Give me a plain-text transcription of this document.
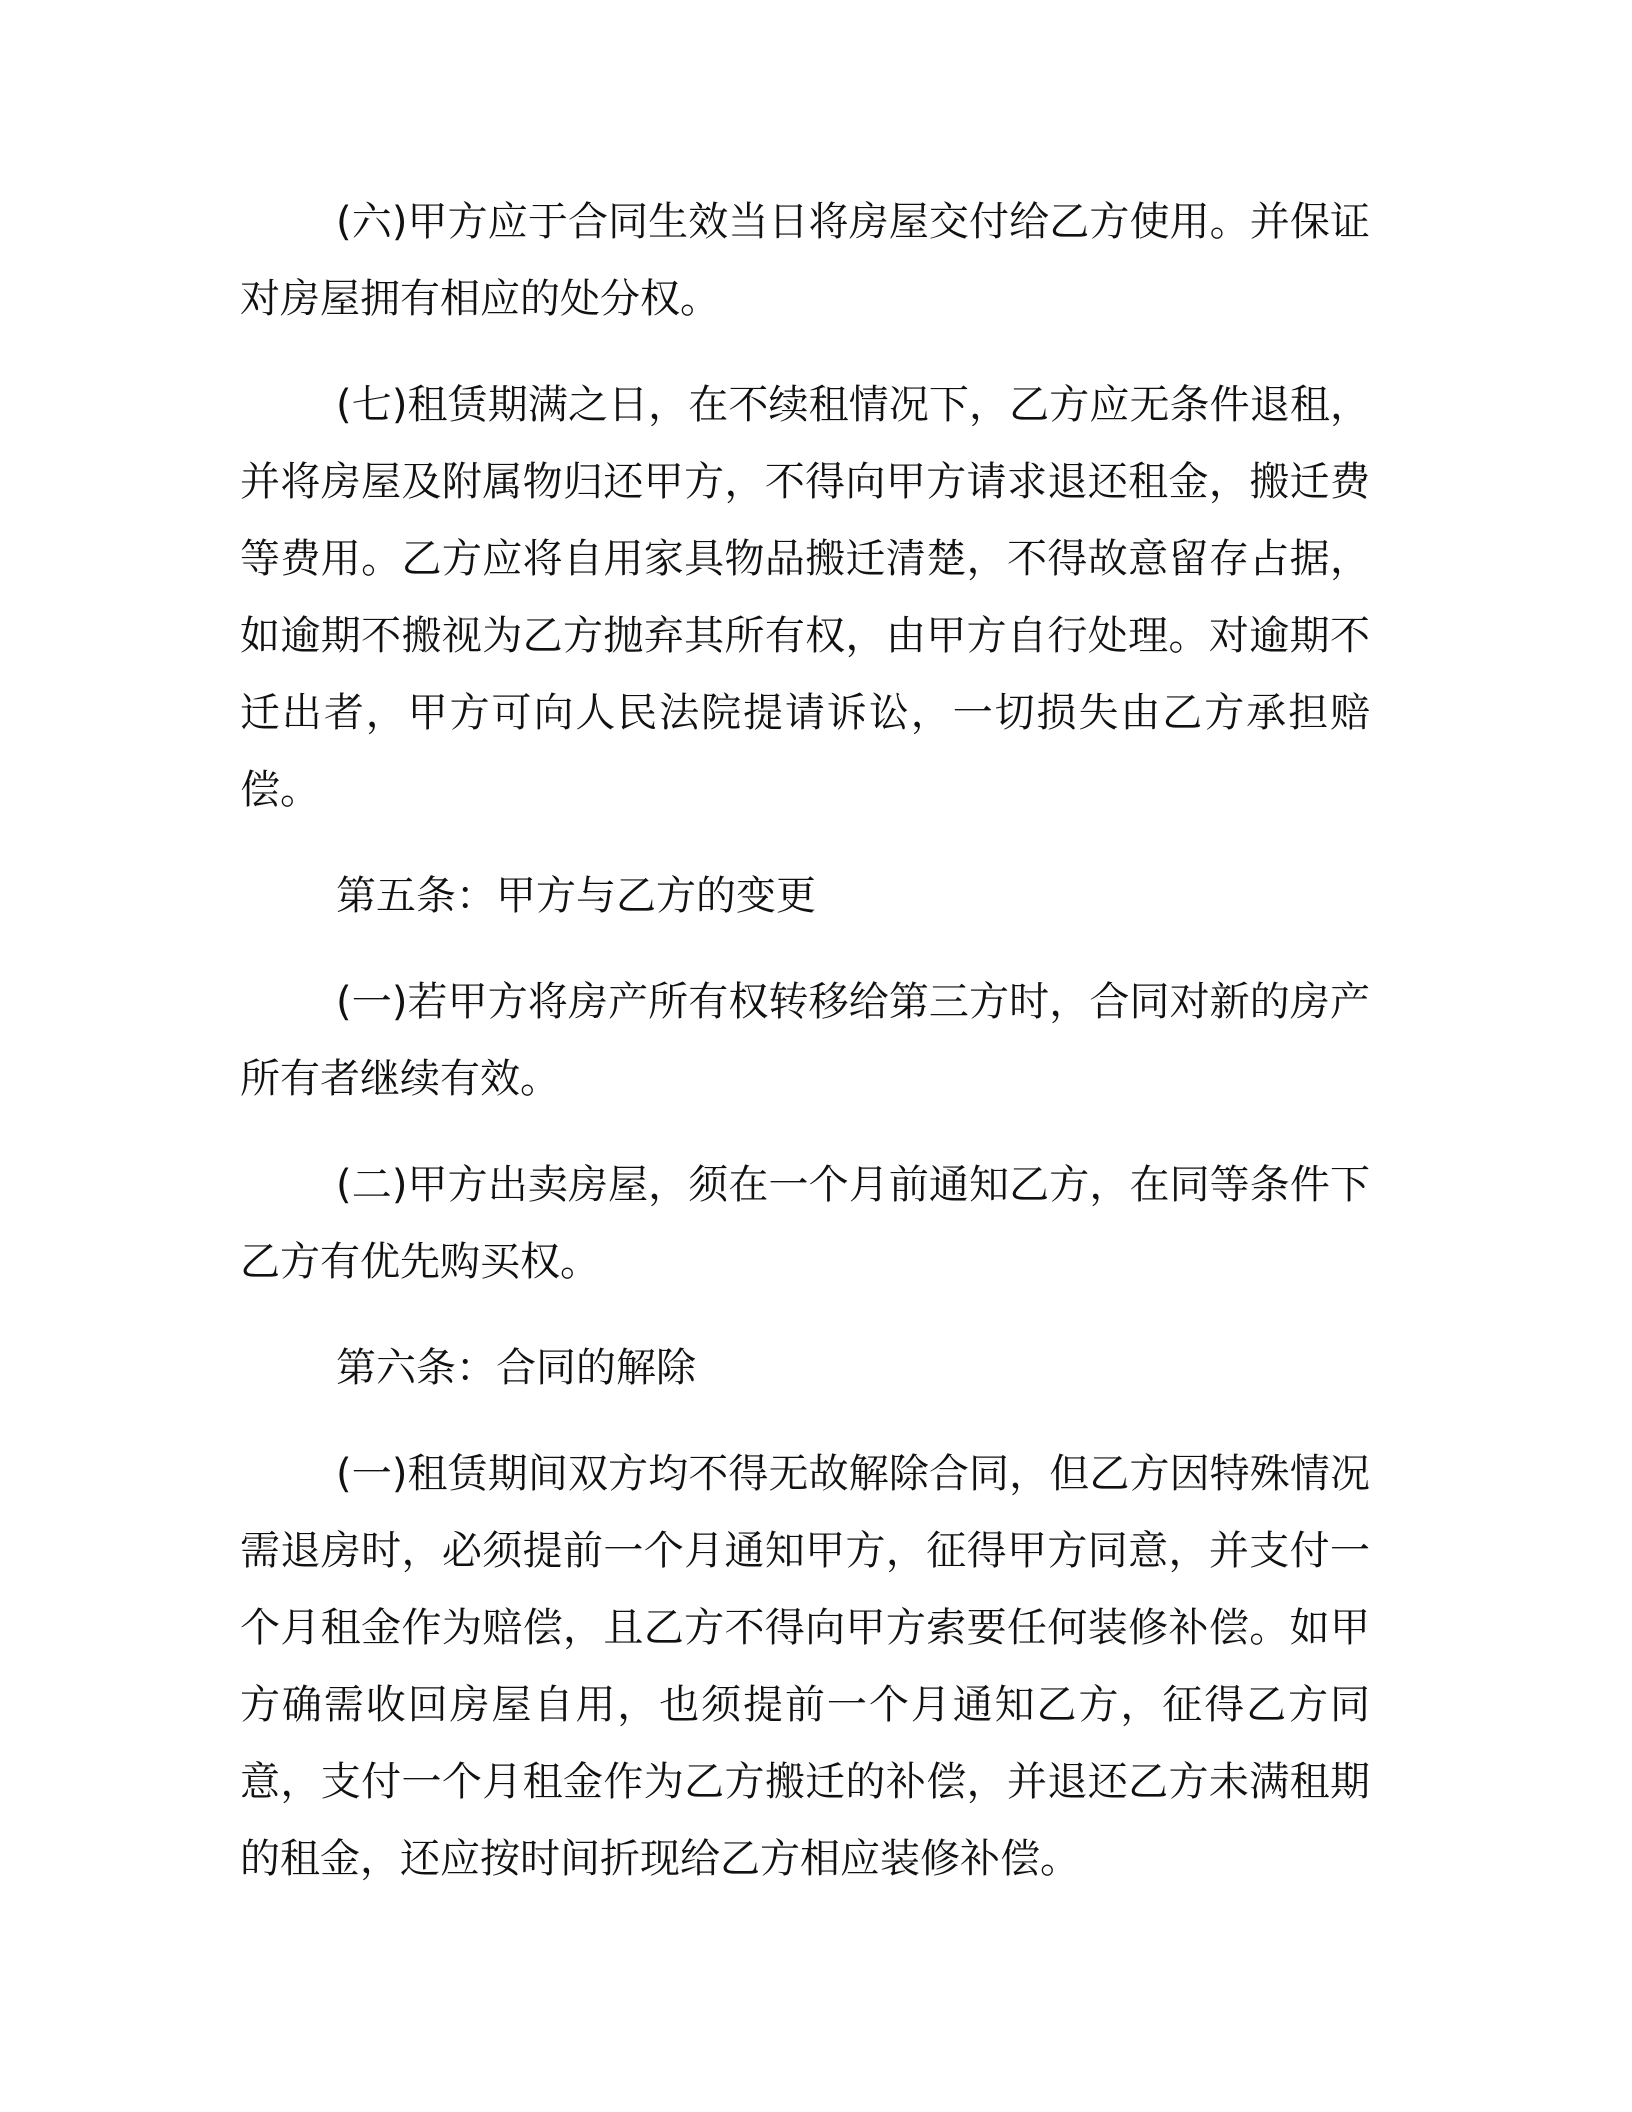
(六)甲方应于合同生效当日将房屋交付给乙方使用。并保证对房屋拥有相应的处分权。

(七)租赁期满之日，在不续租情况下，乙方应无条件退租，并将房屋及附属物归还甲方，不得向甲方请求退还租金，搬迁费等费用。乙方应将自用家具物品搬迁清楚，不得故意留存占据，如逾期不搬视为乙方抛弃其所有权，由甲方自行处理。对逾期不迁出者，甲方可向人民法院提请诉讼，一切损失由乙方承担赔偿。

第五条：甲方与乙方的变更

(一)若甲方将房产所有权转移给第三方时，合同对新的房产所有者继续有效。

(二)甲方出卖房屋，须在一个月前通知乙方，在同等条件下乙方有优先购买权。

第六条：合同的解除

(一)租赁期间双方均不得无故解除合同，但乙方因特殊情况需退房时，必须提前一个月通知甲方，征得甲方同意，并支付一个月租金作为赔偿，且乙方不得向甲方索要任何装修补偿。如甲方确需收回房屋自用，也须提前一个月通知乙方，征得乙方同意，支付一个月租金作为乙方搬迁的补偿，并退还乙方未满租期的租金，还应按时间折现给乙方相应装修补偿。
